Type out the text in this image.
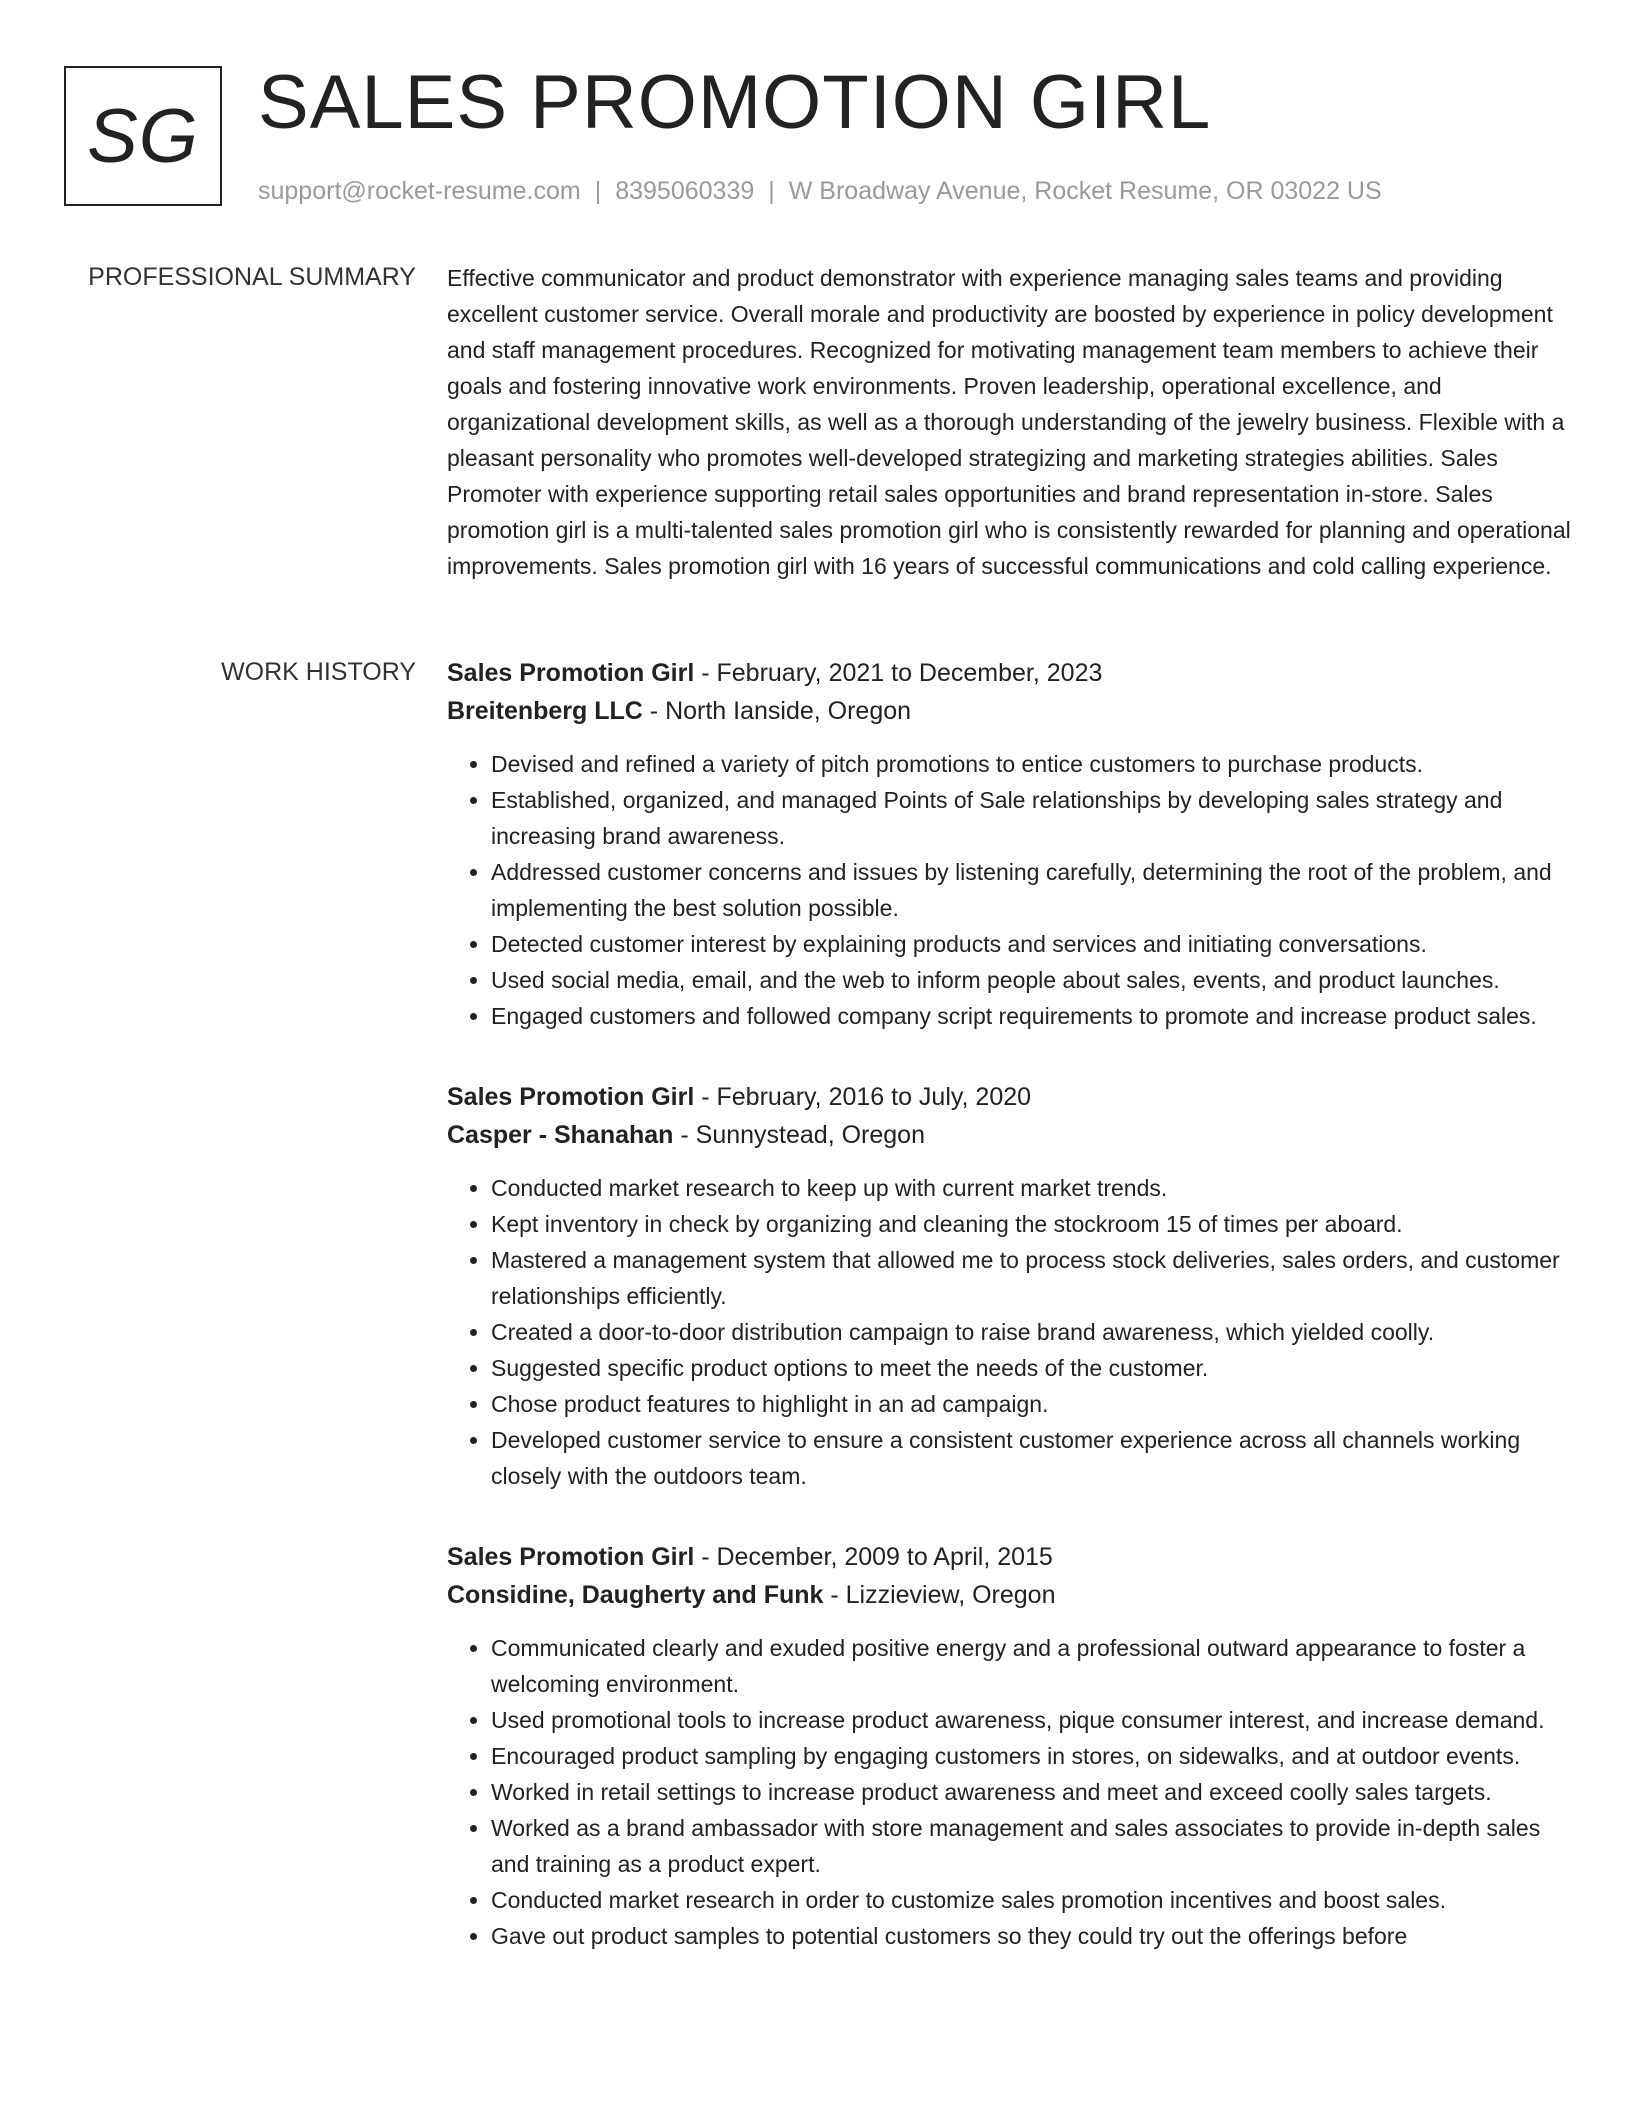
SG SALES PROMOTION GIRL
support@rocket-resume.com | 8395060339 | W Broadway Avenue, Rocket Resume, OR 03022 US
PROFESSIONAL SUMMARY Effective communicator and product demonstrator with experience managing sales teams and providing excellent customer service. Overall morale and productivity are boosted by experience in policy development and staff management procedures. Recognized for motivating management team members to achieve their goals and fostering innovative work environments. Proven leadership, operational excellence, and organizational development skills, as well as a thorough understanding of the jewelry business. Flexible with a pleasant personality who promotes well-developed strategizing and marketing strategies abilities. Sales Promoter with experience supporting retail sales opportunities and brand representation in-store. Sales promotion girl is a multi-talented sales promotion girl who is consistently rewarded for planning and operational improvements. Sales promotion girl with 16 years of successful communications and cold calling experience.
WORK HISTORY Sales Promotion Girl - February, 2021 to December, 2023
Breitenberg LLC - North Ianside, Oregon
• Devised and refined a variety of pitch promotions to entice customers to purchase products.
• Established, organized, and managed Points of Sale relationships by developing sales strategy and increasing brand awareness.
• Addressed customer concerns and issues by listening carefully, determining the root of the problem, and implementing the best solution possible.
• Detected customer interest by explaining products and services and initiating conversations.
• Used social media, email, and the web to inform people about sales, events, and product launches.
• Engaged customers and followed company script requirements to promote and increase product sales.
Sales Promotion Girl - February, 2016 to July, 2020
Casper - Shanahan - Sunnystead, Oregon
• Conducted market research to keep up with current market trends.
• Kept inventory in check by organizing and cleaning the stockroom 15 of times per aboard.
• Mastered a management system that allowed me to process stock deliveries, sales orders, and customer relationships efficiently.
• Created a door-to-door distribution campaign to raise brand awareness, which yielded coolly.
• Suggested specific product options to meet the needs of the customer.
• Chose product features to highlight in an ad campaign.
• Developed customer service to ensure a consistent customer experience across all channels working closely with the outdoors team.
Sales Promotion Girl - December, 2009 to April, 2015
Considine, Daugherty and Funk - Lizzieview, Oregon
• Communicated clearly and exuded positive energy and a professional outward appearance to foster a welcoming environment.
• Used promotional tools to increase product awareness, pique consumer interest, and increase demand.
• Encouraged product sampling by engaging customers in stores, on sidewalks, and at outdoor events.
• Worked in retail settings to increase product awareness and meet and exceed coolly sales targets.
• Worked as a brand ambassador with store management and sales associates to provide in-depth sales and training as a product expert.
• Conducted market research in order to customize sales promotion incentives and boost sales.
• Gave out product samples to potential customers so they could try out the offerings before
